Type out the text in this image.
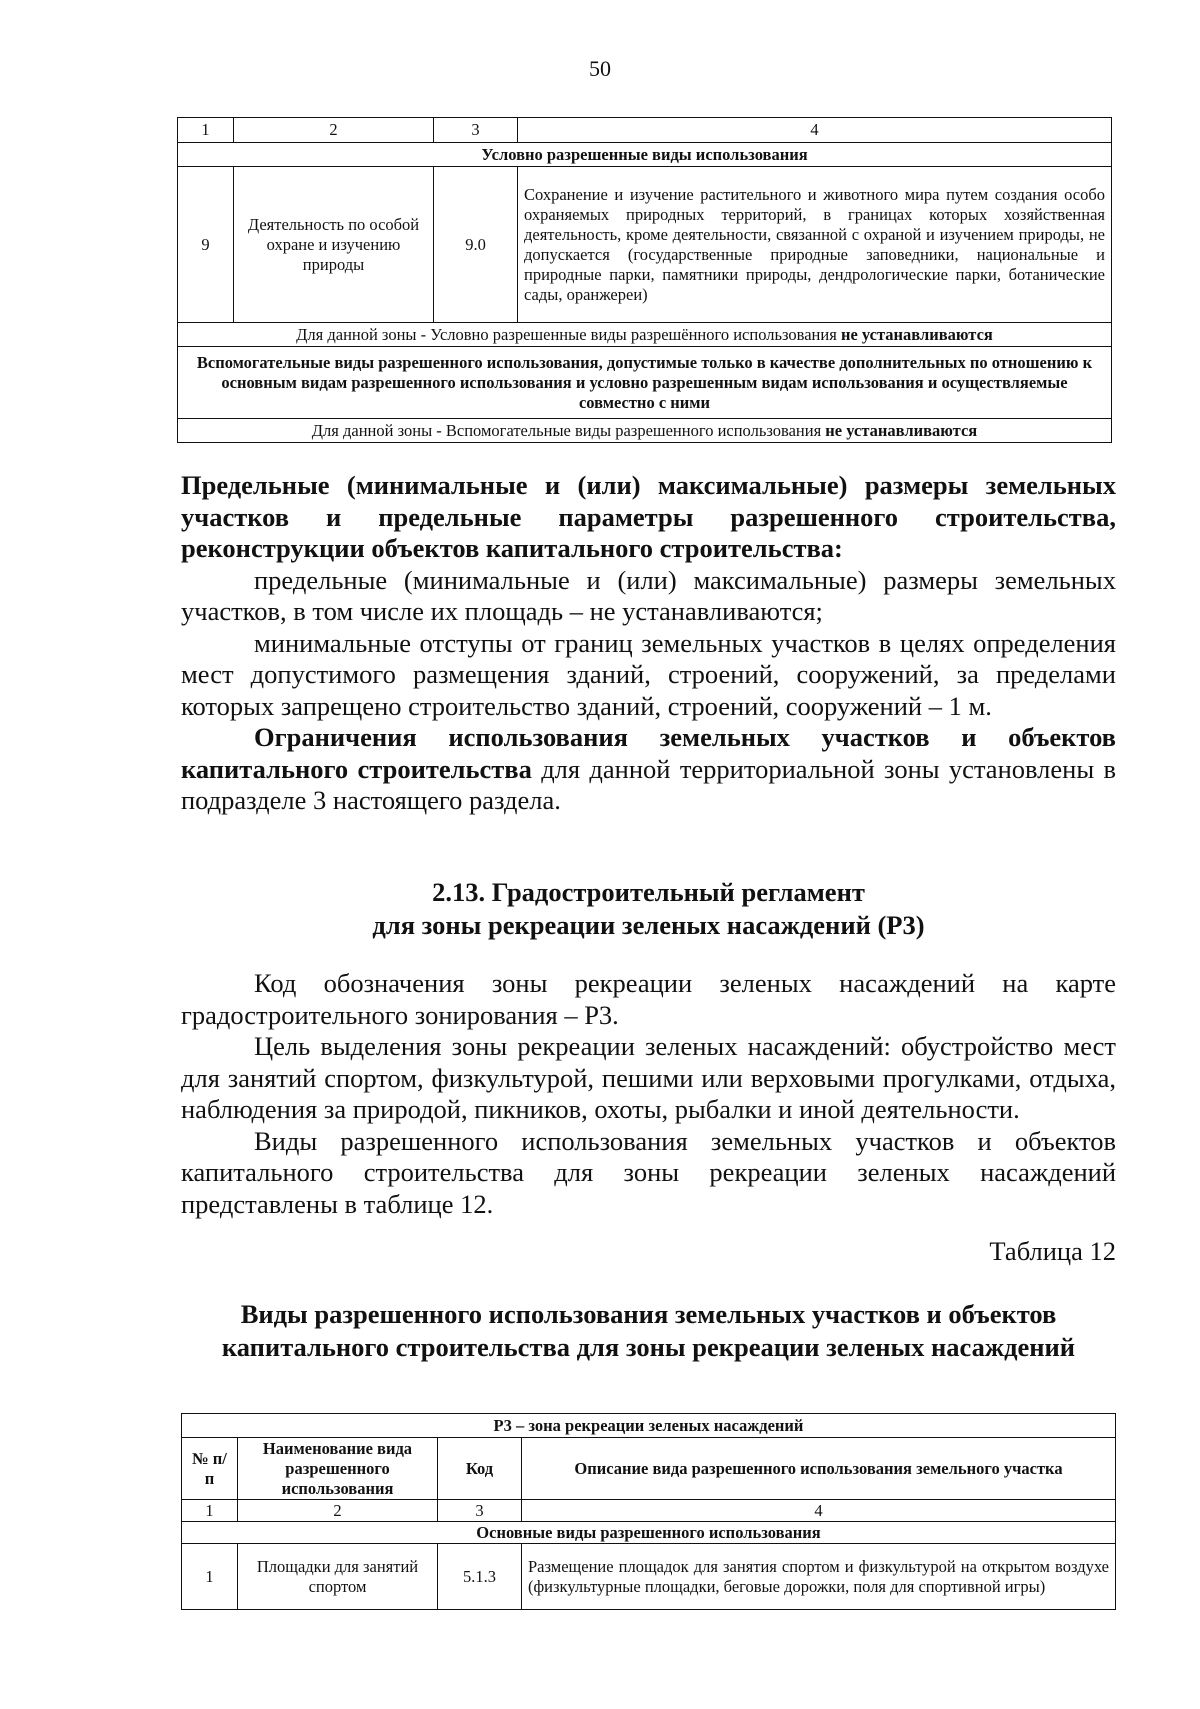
50
1	2	3	4
Условно разрешенные виды использования			
9	Деятельность по особой охране и изучению природы	9.0	Сохранение и изучение растительного и животного мира путем создания особо охраняемых природных территорий, в границах которых хозяйственная деятельность, кроме деятельности, связанной с охраной и изучением природы, не допускается (государственные природные заповедники, национальные и природные парки, памятники природы, дендрологические парки, ботанические сады, оранжереи)
Для данной зоны - Условно разрешенные виды разрешённого использования не устанавливаются			
Вспомогательные виды разрешенного использования, допустимые только в качестве дополнительных по отношению к основным видам разрешенного использования и условно разрешенным видам использования и осуществляемые совместно с ними			
Для данной зоны - Вспомогательные виды разрешенного использования не устанавливаются			

Предельные (минимальные и (или) максимальные) размеры земельных участков и предельные параметры разрешенного строительства, реконструкции объектов капитального строительства:

предельные (минимальные и (или) максимальные) размеры земельных участков, в том числе их площадь – не устанавливаются;

минимальные отступы от границ земельных участков в целях определения мест допустимого размещения зданий, строений, сооружений, за пределами которых запрещено строительство зданий, строений, сооружений – 1 м.

Ограничения использования земельных участков и объектов капитального строительства для данной территориальной зоны установлены в подразделе 3 настоящего раздела.

2.13. Градостроительный регламент
для зоны рекреации зеленых насаждений (Р3)

Код обозначения зоны рекреации зеленых насаждений на карте градостроительного зонирования – Р3.

Цель выделения зоны рекреации зеленых насаждений: обустройство мест для занятий спортом, физкультурой, пешими или верховыми прогулками, отдыха, наблюдения за природой, пикников, охоты, рыбалки и иной деятельности.

Виды разрешенного использования земельных участков и объектов капитального строительства для зоны рекреации зеленых насаждений представлены в таблице 12.

Таблица 12
Виды разрешенного использования земельных участков и объектов
капитального строительства для зоны рекреации зеленых насаждений
Р3 – зона рекреации зеленых насаждений			
№ п/п	Наименование вида разрешенного использования	Код	Описание вида разрешенного использования земельного участка
1	2	3	4
Основные виды разрешенного использования			
1	Площадки для занятий спортом	5.1.3	Размещение площадок для занятия спортом и физкультурой на открытом воздухе (физкультурные площадки, беговые дорожки, поля для спортивной игры)
